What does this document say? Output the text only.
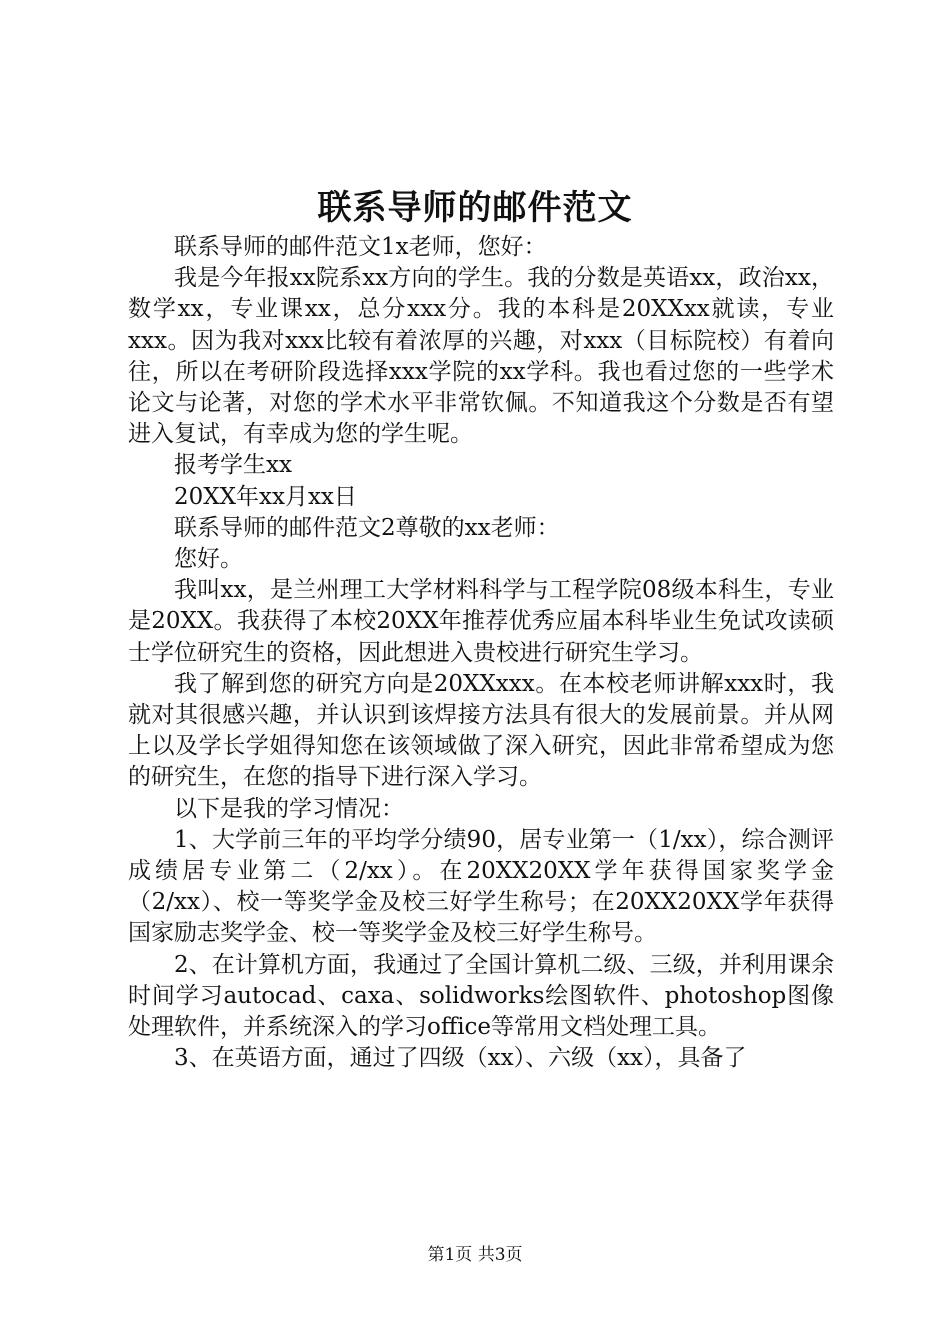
联系导师的邮件范文

联系导师的邮件范文1x老师，您好：

我是今年报xx院系xx方向的学生。我的分数是英语xx，政治xx，数学xx，专业课xx，总分xxx分。我的本科是20XXxx就读，专业xxx。因为我对xxx比较有着浓厚的兴趣，对xxx（目标院校）有着向往，所以在考研阶段选择xxx学院的xx学科。我也看过您的一些学术论文与论著，对您的学术水平非常钦佩。不知道我这个分数是否有望进入复试，有幸成为您的学生呢。

报考学生xx

20XX年xx月xx日

联系导师的邮件范文2尊敬的xx老师：

您好。

我叫xx，是兰州理工大学材料科学与工程学院08级本科生，专业是20XX。我获得了本校20XX年推荐优秀应届本科毕业生免试攻读硕士学位研究生的资格，因此想进入贵校进行研究生学习。

我了解到您的研究方向是20XXxxx。在本校老师讲解xxx时，我就对其很感兴趣，并认识到该焊接方法具有很大的发展前景。并从网上以及学长学姐得知您在该领域做了深入研究，因此非常希望成为您的研究生，在您的指导下进行深入学习。

以下是我的学习情况：

1、大学前三年的平均学分绩90，居专业第一（1/xx），综合测评成绩居专业第二（2/xx）。在20XX20XX学年获得国家奖学金（2/xx）、校一等奖学金及校三好学生称号；在20XX20XX学年获得国家励志奖学金、校一等奖学金及校三好学生称号。

2、在计算机方面，我通过了全国计算机二级、三级，并利用课余时间学习autocad、caxa、solidworks绘图软件、photoshop图像处理软件，并系统深入的学习office等常用文档处理工具。

3、在英语方面，通过了四级（xx）、六级（xx），具备了

第1页 共3页
